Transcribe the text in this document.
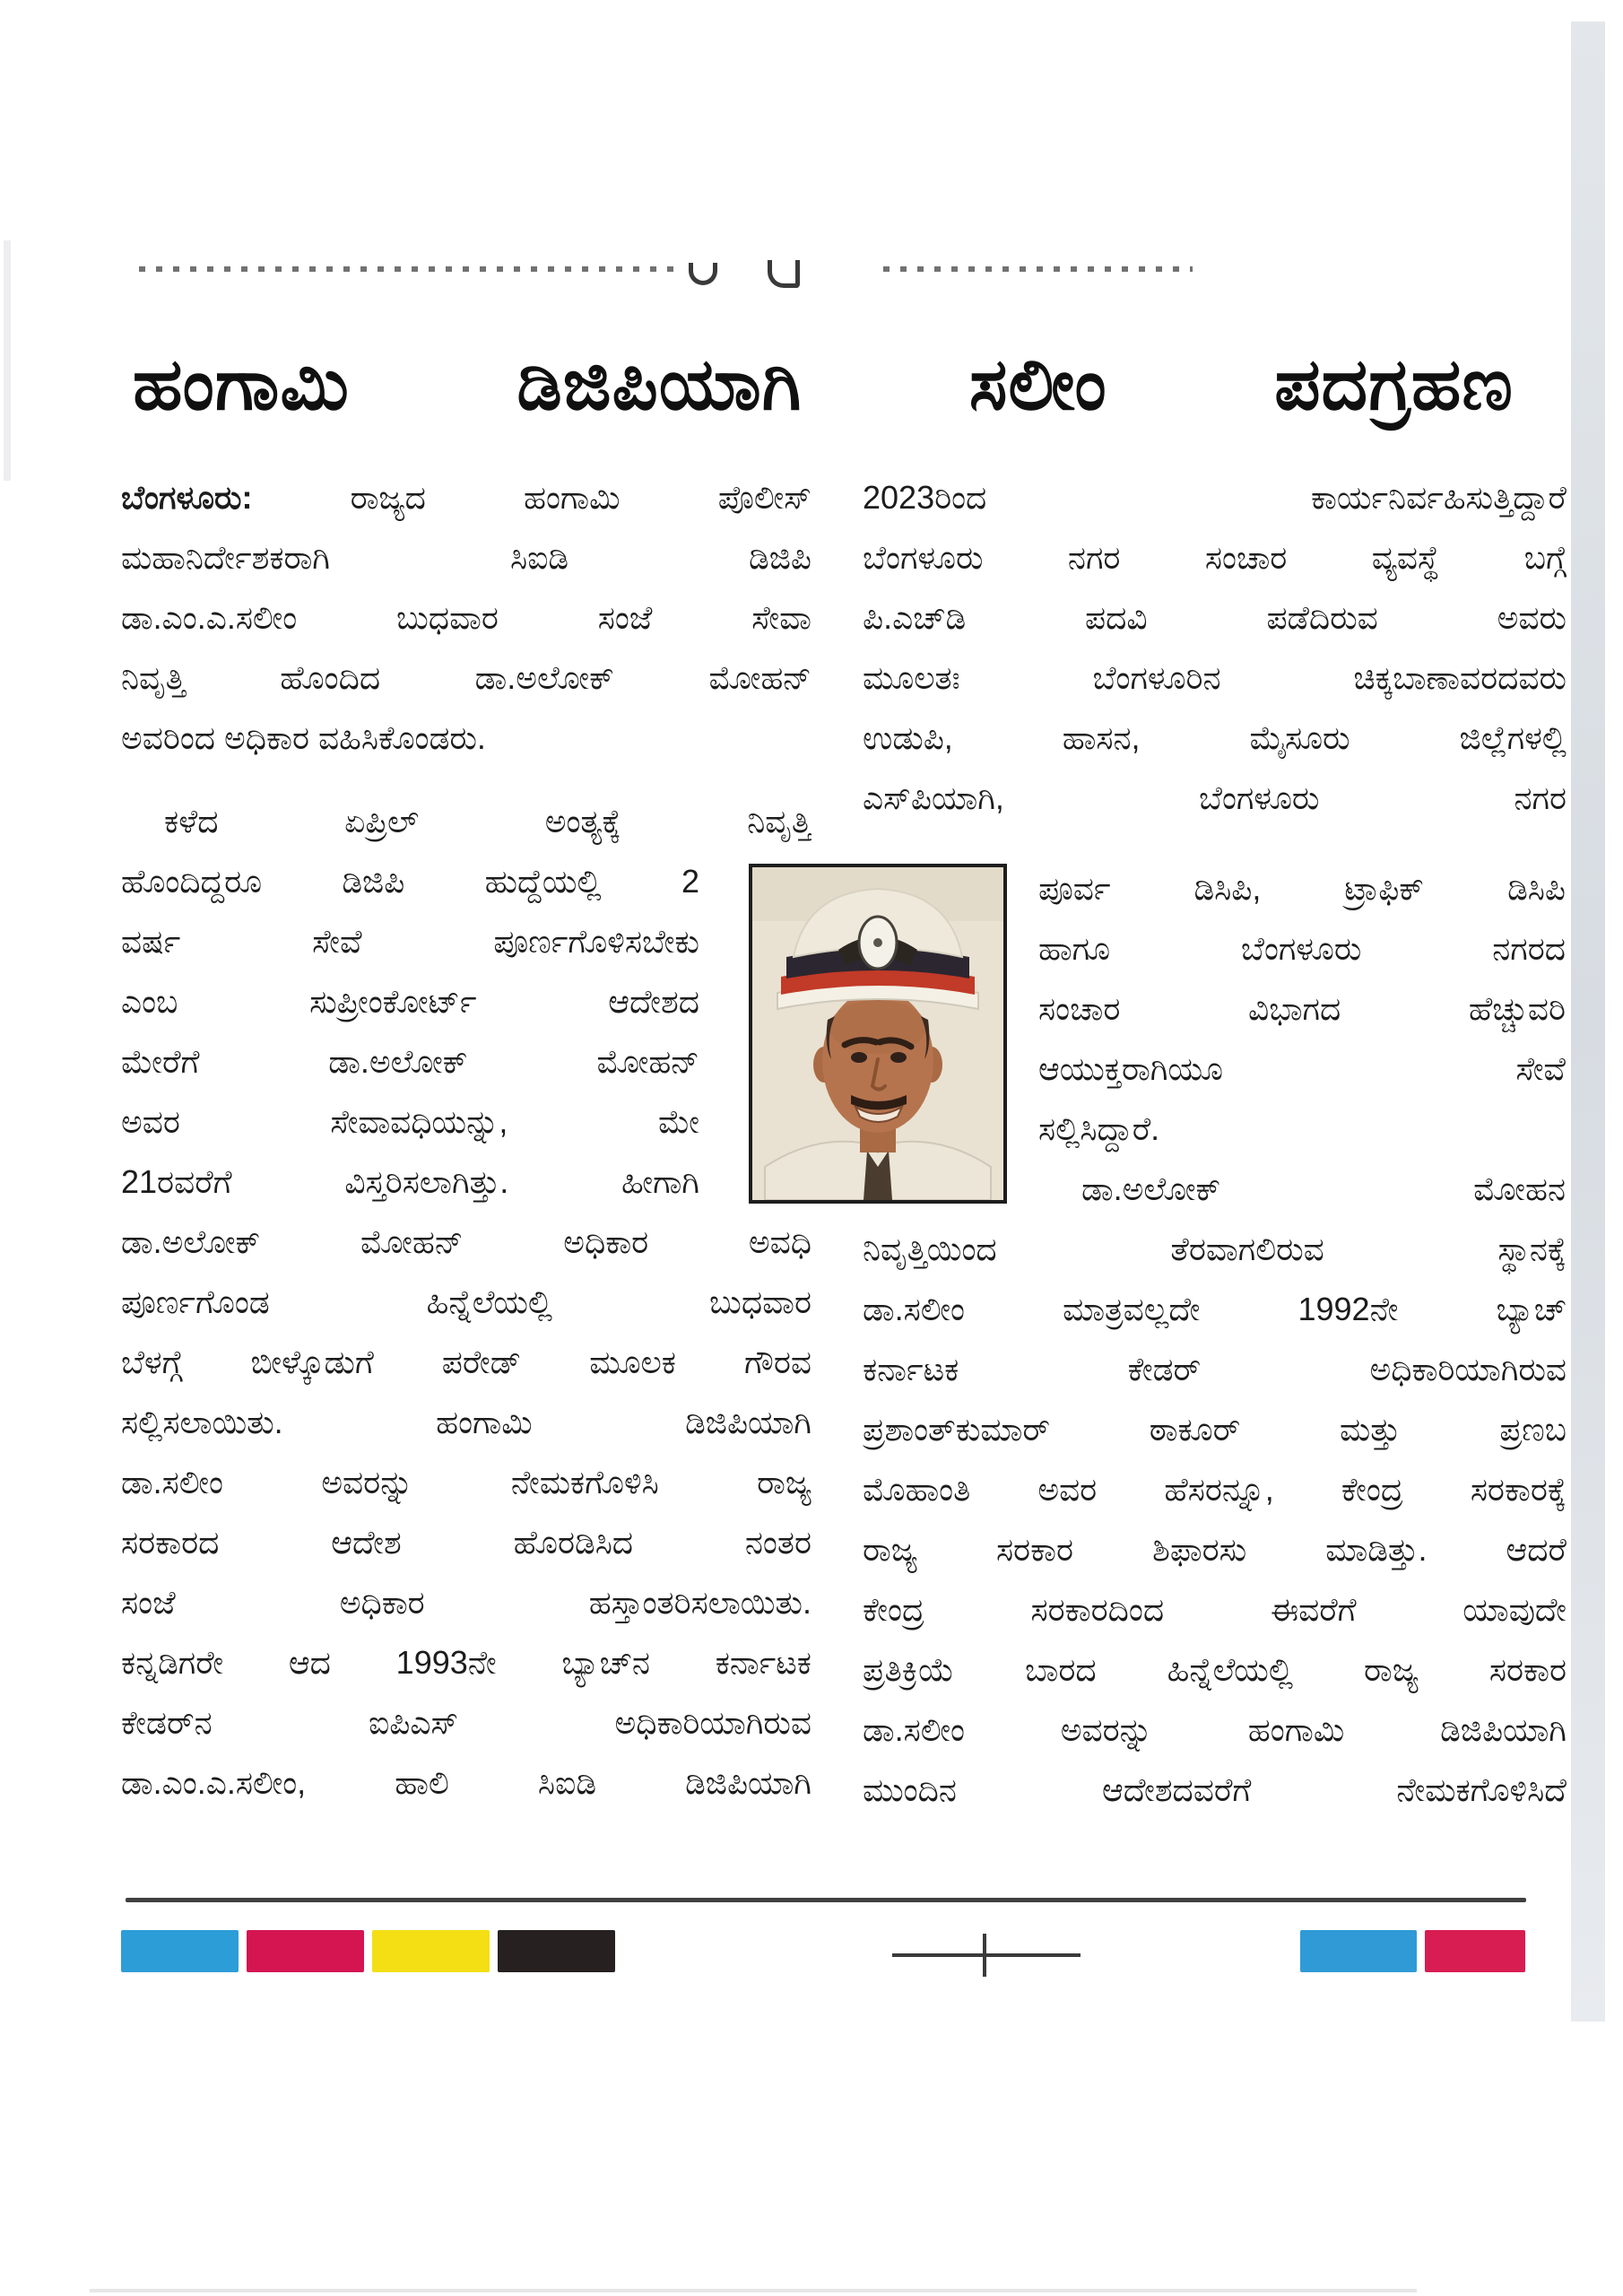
ಹಂಗಾಮಿ ಡಿಜಿಪಿಯಾಗಿ ಸಲೀಂ ಪದಗ್ರಹಣ
ಬೆಂಗಳೂರು:	ರಾಜ್ಯದ ಹಂಗಾಮಿ ಪೊಲೀಸ್
ಮಹಾನಿರ್ದೇಶಕರಾಗಿ ಸಿಐಡಿ ಡಿಜಿಪಿ
ಡಾ.ಎಂ.ಎ.ಸಲೀಂ ಬುಧವಾರ ಸಂಜೆ ಸೇವಾ
ನಿವೃತ್ತಿ ಹೊಂದಿದ ಡಾ.ಅಲೋಕ್ ಮೋಹನ್
ಅವರಿಂದ ಅಧಿಕಾರ ವಹಿಸಿಕೊಂಡರು.
ಕಳೆದ ಏಪ್ರಿಲ್ ಅಂತ್ಯಕ್ಕೆ ನಿವೃತ್ತಿ
ಹೊಂದಿದ್ದರೂ ಡಿಜಿಪಿ ಹುದ್ದೆಯಲ್ಲಿ 2
ವರ್ಷ ಸೇವೆ ಪೂರ್ಣಗೊಳಿಸಬೇಕು
ಎಂಬ ಸುಪ್ರೀಂಕೋರ್ಟ್ ಆದೇಶದ
ಮೇರೆಗೆ ಡಾ.ಅಲೋಕ್ ಮೋಹನ್
ಅವರ ಸೇವಾವಧಿಯನ್ನು, ಮೇ
21ರವರೆಗೆ ವಿಸ್ತರಿಸಲಾಗಿತ್ತು. ಹೀಗಾಗಿ
ಡಾ.ಅಲೋಕ್ ಮೋಹನ್ ಅಧಿಕಾರ ಅವಧಿ
ಪೂರ್ಣಗೊಂಡ ಹಿನ್ನೆಲೆಯಲ್ಲಿ ಬುಧವಾರ
ಬೆಳಗ್ಗೆ ಬೀಳ್ಕೊಡುಗೆ ಪರೇಡ್ ಮೂಲಕ ಗೌರವ
ಸಲ್ಲಿಸಲಾಯಿತು. ಹಂಗಾಮಿ ಡಿಜಿಪಿಯಾಗಿ
ಡಾ.ಸಲೀಂ ಅವರನ್ನು ನೇಮಕಗೊಳಿಸಿ ರಾಜ್ಯ
ಸರಕಾರದ ಆದೇಶ ಹೊರಡಿಸಿದ ನಂತರ
ಸಂಜೆ ಅಧಿಕಾರ ಹಸ್ತಾಂತರಿಸಲಾಯಿತು.
ಕನ್ನಡಿಗರೇ ಆದ 1993ನೇ ಬ್ಯಾಚ್‌ನ ಕರ್ನಾಟಕ
ಕೇಡರ್‌ನ ಐಪಿಎಸ್ ಅಧಿಕಾರಿಯಾಗಿರುವ
ಡಾ.ಎಂ.ಎ.ಸಲೀಂ, ಹಾಲಿ ಸಿಐಡಿ ಡಿಜಿಪಿಯಾಗಿ
2023ರಿಂದ ಕಾರ್ಯನಿರ್ವಹಿಸುತ್ತಿದ್ದಾರೆ
ಬೆಂಗಳೂರು ನಗರ ಸಂಚಾರ ವ್ಯವಸ್ಥೆ ಬಗ್ಗೆ
ಪಿ.ಎಚ್‌ಡಿ ಪದವಿ ಪಡೆದಿರುವ ಅವರು
ಮೂಲತಃ ಬೆಂಗಳೂರಿನ ಚಿಕ್ಕಬಾಣಾವರದವರು
ಉಡುಪಿ, ಹಾಸನ, ಮೈಸೂರು ಜಿಲ್ಲೆಗಳಲ್ಲಿ
ಎಸ್‌ಪಿಯಾಗಿ, ಬೆಂಗಳೂರು ನಗರ
ಪೂರ್ವ ಡಿಸಿಪಿ, ಟ್ರಾಫಿಕ್ ಡಿಸಿಪಿ
ಹಾಗೂ ಬೆಂಗಳೂರು ನಗರದ
ಸಂಚಾರ ವಿಭಾಗದ ಹೆಚ್ಚುವರಿ
ಆಯುಕ್ತರಾಗಿಯೂ ಸೇವೆ
ಸಲ್ಲಿಸಿದ್ದಾರೆ.
ಡಾ.ಅಲೋಕ್ ಮೋಹನ
ನಿವೃತ್ತಿಯಿಂದ ತೆರವಾಗಲಿರುವ ಸ್ಥಾನಕ್ಕೆ
ಡಾ.ಸಲೀಂ ಮಾತ್ರವಲ್ಲದೇ 1992ನೇ ಬ್ಯಾಚ್
ಕರ್ನಾಟಕ ಕೇಡರ್ ಅಧಿಕಾರಿಯಾಗಿರುವ
ಪ್ರಶಾಂತ್‌ಕುಮಾರ್ ಠಾಕೂರ್ ಮತ್ತು ಪ್ರಣಬ
ಮೊಹಾಂತಿ ಅವರ ಹೆಸರನ್ನೂ, ಕೇಂದ್ರ ಸರಕಾರಕ್ಕೆ
ರಾಜ್ಯ ಸರಕಾರ ಶಿಫಾರಸು ಮಾಡಿತ್ತು. ಆದರೆ
ಕೇಂದ್ರ ಸರಕಾರದಿಂದ ಈವರೆಗೆ ಯಾವುದೇ
ಪ್ರತಿಕ್ರಿಯೆ ಬಾರದ ಹಿನ್ನೆಲೆಯಲ್ಲಿ ರಾಜ್ಯ ಸರಕಾರ
ಡಾ.ಸಲೀಂ ಅವರನ್ನು ಹಂಗಾಮಿ ಡಿಜಿಪಿಯಾಗಿ
ಮುಂದಿನ ಆದೇಶದವರೆಗೆ ನೇಮಕಗೊಳಿಸಿದೆ
